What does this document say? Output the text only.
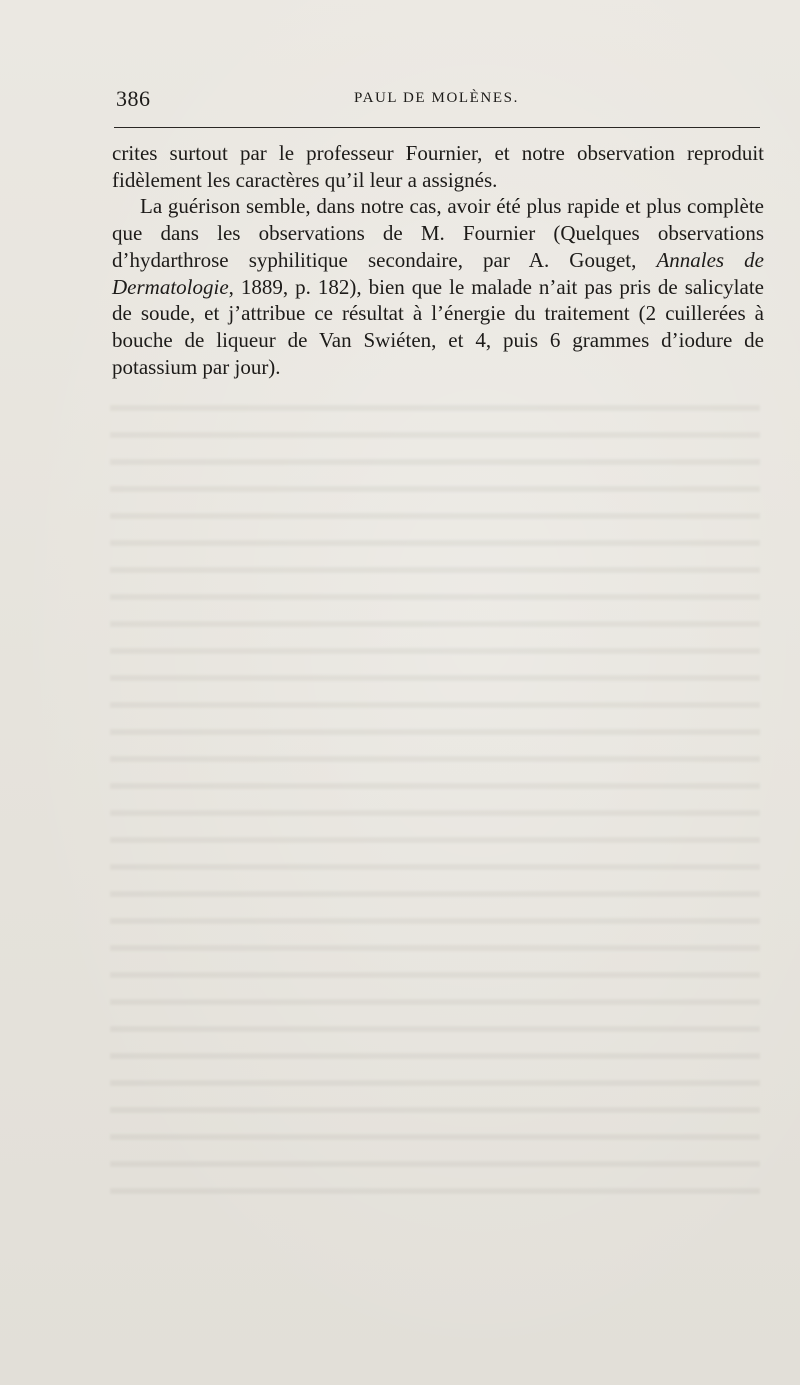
386	PAUL DE MOLÈNES.

crites surtout par le professeur Fournier, et notre observation reproduit fidèlement les caractères qu’il leur a assignés.

La guérison semble, dans notre cas, avoir été plus rapide et plus complète que dans les observations de M. Fournier (Quelques observations d’hydarthrose syphilitique secondaire, par A. Gouget, Annales de Dermatologie, 1889, p. 182), bien que le malade n’ait pas pris de salicylate de soude, et j’attribue ce résultat à l’énergie du traitement (2 cuillerées à bouche de liqueur de Van Swiéten, et 4, puis 6 grammes d’iodure de potassium par jour).
